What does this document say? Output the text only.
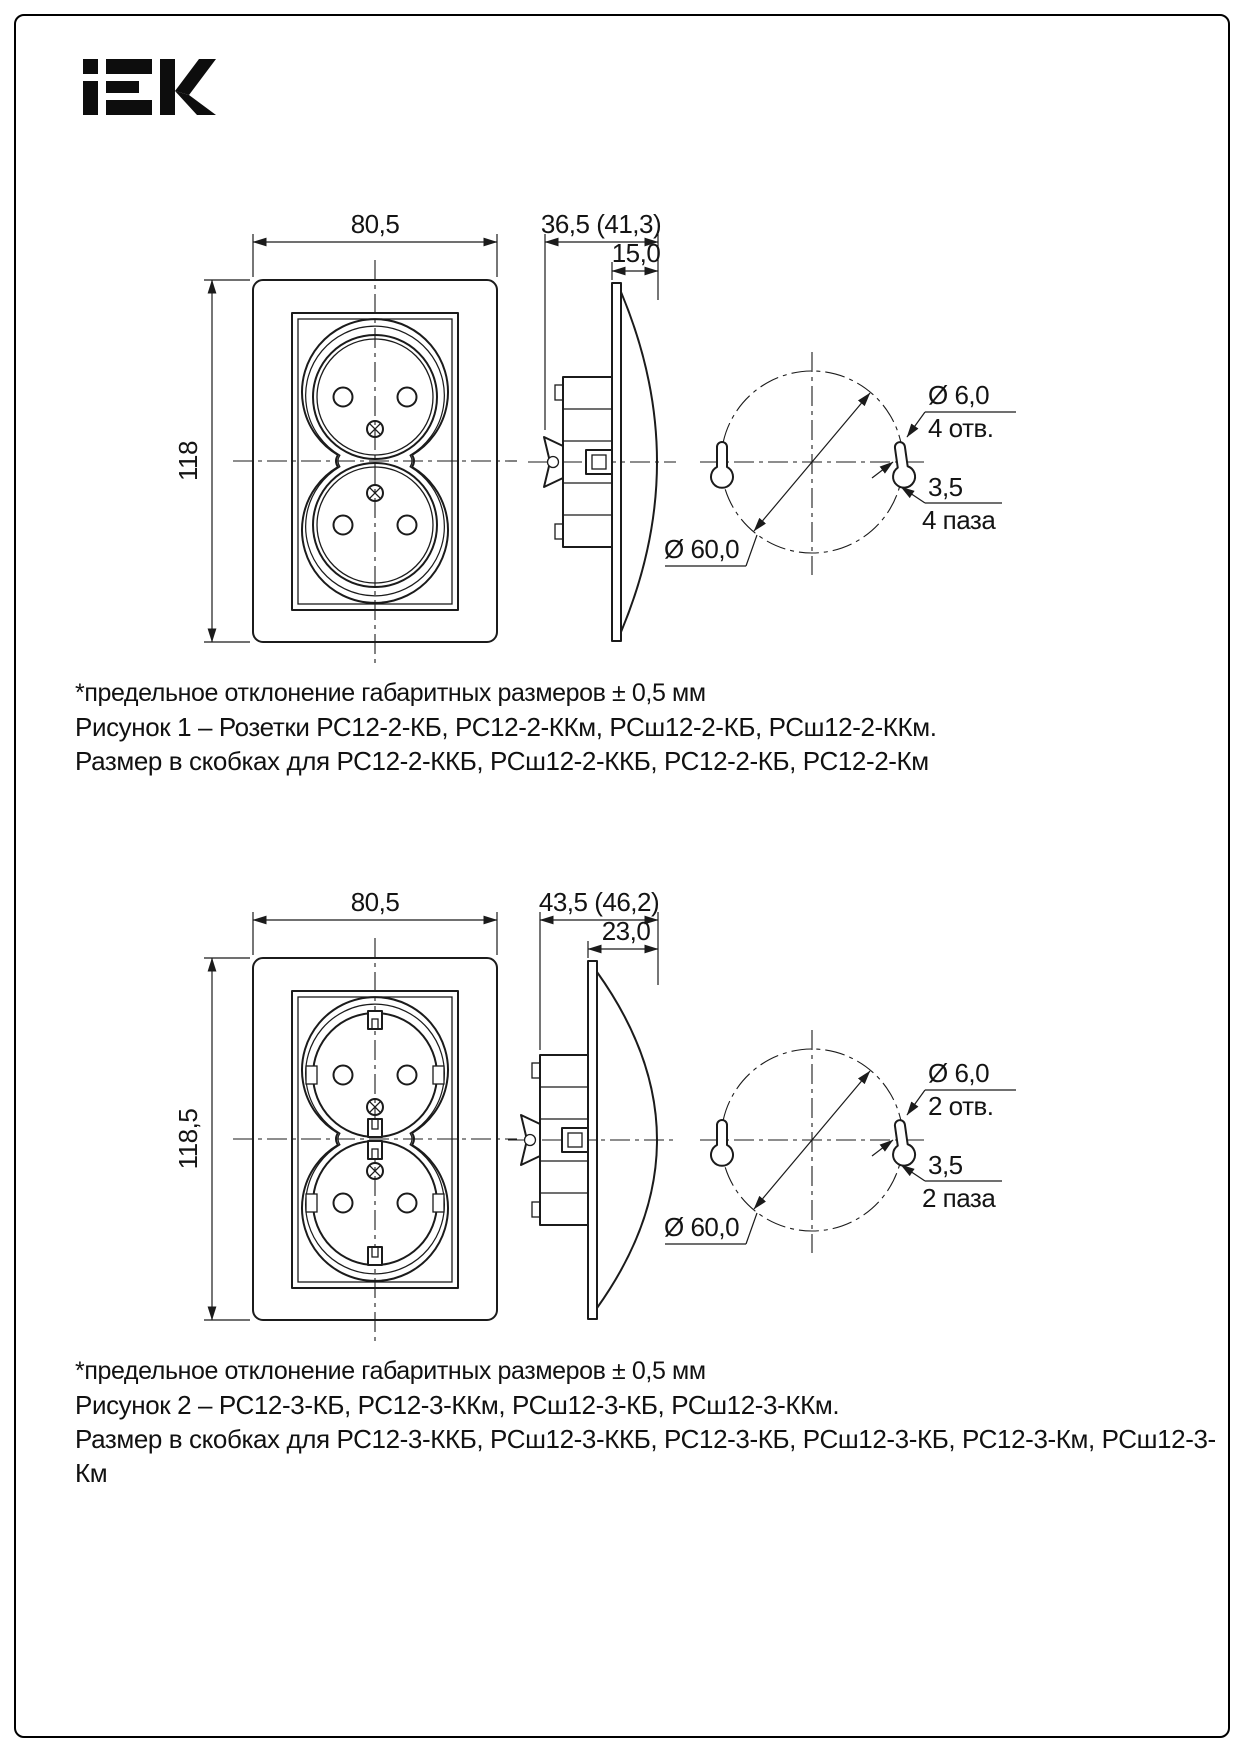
80,5
118
36,5 (41,3)
15,0
Ø 6,0
4 отв.
3,5
4 паза
Ø 60,0
80,5
118,5
43,5 (46,2)
23,0
Ø 6,0
2 отв.
3,5
2 паза
Ø 60,0
*предельное отклонение габаритных размеров ± 0,5 мм
Рисунок 1 – Розетки РС12-2-КБ, РС12-2-ККм, РСш12-2-КБ, РСш12-2-ККм.
Размер в скобках для РС12-2-ККБ, РСш12-2-ККБ, РС12-2-КБ, РС12-2-Км
*предельное отклонение габаритных размеров ± 0,5 мм
Рисунок 2 – РС12-3-КБ, РС12-3-ККм, РСш12-3-КБ, РСш12-3-ККм.
Размер в скобках для РС12-3-ККБ, РСш12-3-ККБ, РС12-3-КБ, РСш12-3-КБ, РС12-3-Км, РСш12-3-Км
